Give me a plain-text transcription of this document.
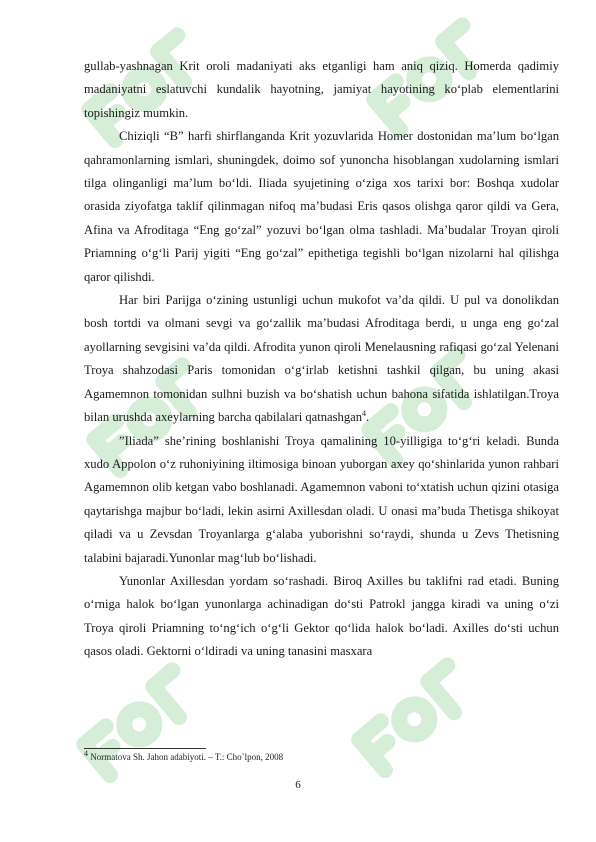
gullab-yashnagan Krit oroli madaniyati aks etganligi ham aniq qiziq. Homerda qadimiy madaniyatni eslatuvchi kundalik hayotning, jamiyat hayotining ko‘plab elementlarini topishingiz mumkin.

Chiziqli “B” harfi shirflanganda Krit yozuvlarida Homer dostonidan ma’lum bo‘lgan qahramonlarning ismlari, shuningdek, doimo sof yunoncha hisoblangan xudolarning ismlari tilga olinganligi ma’lum bo‘ldi. Iliada syujetining o‘ziga xos tarixi bor: Boshqa xudolar orasida ziyofatga taklif qilinmagan nifoq ma’budasi Eris qasos olishga qaror qildi va Gera, Afina va Afroditaga “Eng go‘zal” yozuvi bo‘lgan olma tashladi. Ma’budalar Troyan qiroli Priamning o‘g‘li Parij yigiti “Eng go‘zal” epithetiga tegishli bo‘lgan nizolarni hal qilishga qaror qilishdi.

Har biri Parijga o‘zining ustunligi uchun mukofot va’da qildi. U pul va donolikdan bosh tortdi va olmani sevgi va go‘zallik ma’budasi Afroditaga berdi, u unga eng go‘zal ayollarning sevgisini va’da qildi. Afrodita yunon qiroli Menelausning rafiqasi go‘zal Yelenani Troya shahzodasi Paris tomonidan o‘g‘irlab ketishni tashkil qilgan, bu uning akasi Agamemnon tomonidan sulhni buzish va bo‘shatish uchun bahona sifatida ishlatilgan.Troya bilan urushda axeylarning barcha qabilalari qatnashgan$^4$.

”Iliada” she’rining boshlanishi Troya qamalining 10-yilligiga to‘g‘ri keladi. Bunda xudo Appolon o‘z ruhoniyining iltimosiga binoan yuborgan axey qo‘shinlarida yunon rahbari Agamemnon olib ketgan vabo boshlanadi. Agamemnon vaboni to‘xtatish uchun qizini otasiga qaytarishga majbur bo‘ladi, lekin asirni Axillesdan oladi. U onasi ma’buda Thetisga shikoyat qiladi va u Zevsdan Troyanlarga g‘alaba yuborishni so‘raydi, shunda u Zevs Thetisning talabini bajaradi.Yunonlar mag‘lub bo‘lishadi.

Yunonlar Axillesdan yordam so‘rashadi. Biroq Axilles bu taklifni rad etadi. Buning o‘rniga halok bo‘lgan yunonlarga achinadigan do‘sti Patrokl jangga kiradi va uning o‘zi Troya qiroli Priamning to‘ng‘ich o‘g‘li Gektor qo‘lida halok bo‘ladi. Axilles do‘sti uchun qasos oladi. Gektorni o‘ldiradi va uning tanasini masxara

$^4$ Normatova Sh. Jahon adabiyoti. – T.: Cho`lpon, 2008
6
